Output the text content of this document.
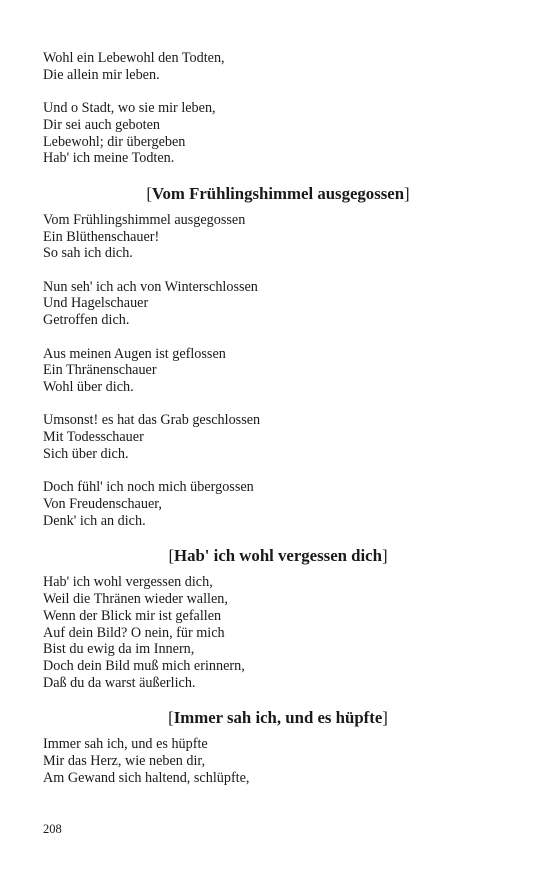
Wohl ein Lebewohl den Todten,
Die allein mir leben.
Und o Stadt, wo sie mir leben,
Dir sei auch geboten
Lebewohl; dir übergeben
Hab' ich meine Todten.
[Vom Frühlingshimmel ausgegossen]
Vom Frühlingshimmel ausgegossen
Ein Blüthenschauer!
So sah ich dich.
Nun seh' ich ach von Winterschlossen
Und Hagelschauer
Getroffen dich.
Aus meinen Augen ist geflossen
Ein Thränenschauer
Wohl über dich.
Umsonst! es hat das Grab geschlossen
Mit Todesschauer
Sich über dich.
Doch fühl' ich noch mich übergossen
Von Freudenschauer,
Denk' ich an dich.
[Hab' ich wohl vergessen dich]
Hab' ich wohl vergessen dich,
Weil die Thränen wieder wallen,
Wenn der Blick mir ist gefallen
Auf dein Bild? O nein, für mich
Bist du ewig da im Innern,
Doch dein Bild muß mich erinnern,
Daß du da warst äußerlich.
[Immer sah ich, und es hüpfte]
Immer sah ich, und es hüpfte
Mir das Herz, wie neben dir,
Am Gewand sich haltend, schlüpfte,
208
